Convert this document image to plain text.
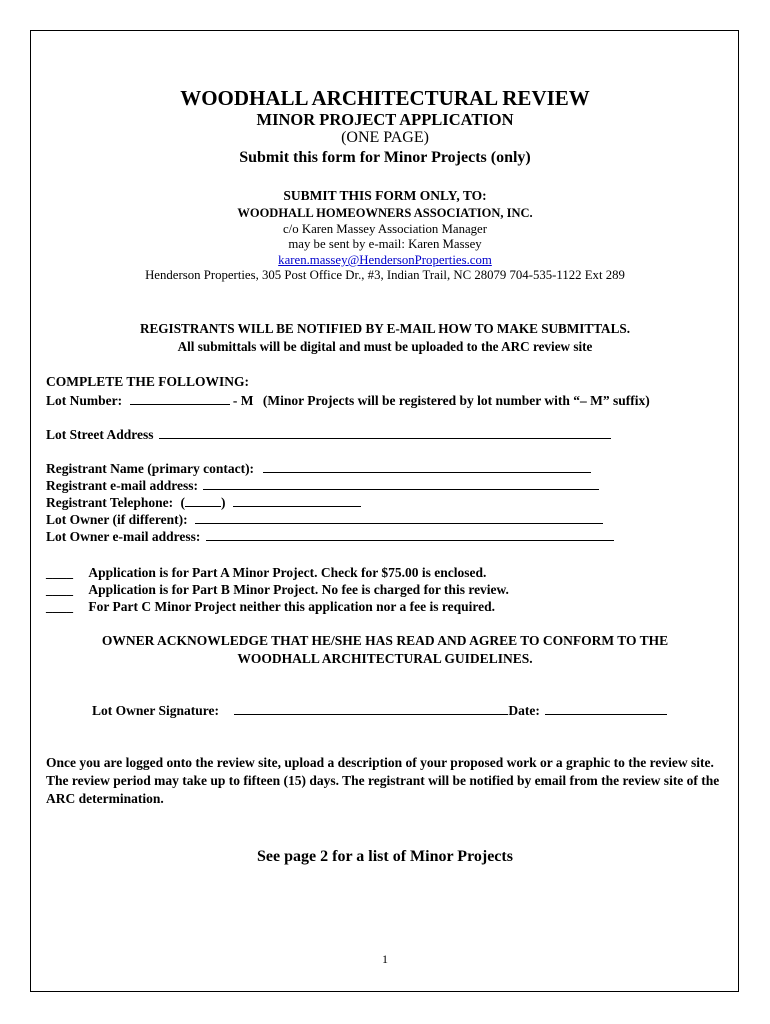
WOODHALL ARCHITECTURAL REVIEW
MINOR PROJECT APPLICATION
(ONE PAGE)
Submit this form for Minor Projects (only)
SUBMIT THIS FORM ONLY, TO:
WOODHALL HOMEOWNERS ASSOCIATION, INC.
c/o Karen Massey Association Manager
may be sent by e-mail: Karen Massey
karen.massey@HendersonProperties.com
Henderson Properties, 305 Post Office Dr., #3, Indian Trail, NC 28079 704-535-1122 Ext 289
REGISTRANTS WILL BE NOTIFIED BY E-MAIL HOW TO MAKE SUBMITTALS.
All submittals will be digital and must be uploaded to the ARC review site
COMPLETE THE FOLLOWING:
Lot Number:	- M (Minor Projects will be registered by lot number with “– M” suffix)
Lot Street Address
Registrant Name (primary contact):
Registrant e-mail address:
Registrant Telephone: (	)
Lot Owner (if different):
Lot Owner e-mail address:
____ Application is for Part A Minor Project. Check for $75.00 is enclosed.
____ Application is for Part B Minor Project. No fee is charged for this review.
____ For Part C Minor Project neither this application nor a fee is required.
OWNER ACKNOWLEDGE THAT HE/SHE HAS READ AND AGREE TO CONFORM TO THE
WOODHALL ARCHITECTURAL GUIDELINES.
Lot Owner Signature:	Date:
Once you are logged onto the review site, upload a description of your proposed work or a graphic to the review site. The review period may take up to fifteen (15) days. The registrant will be notified by email from the review site of the ARC determination.
See page 2 for a list of Minor Projects
1
